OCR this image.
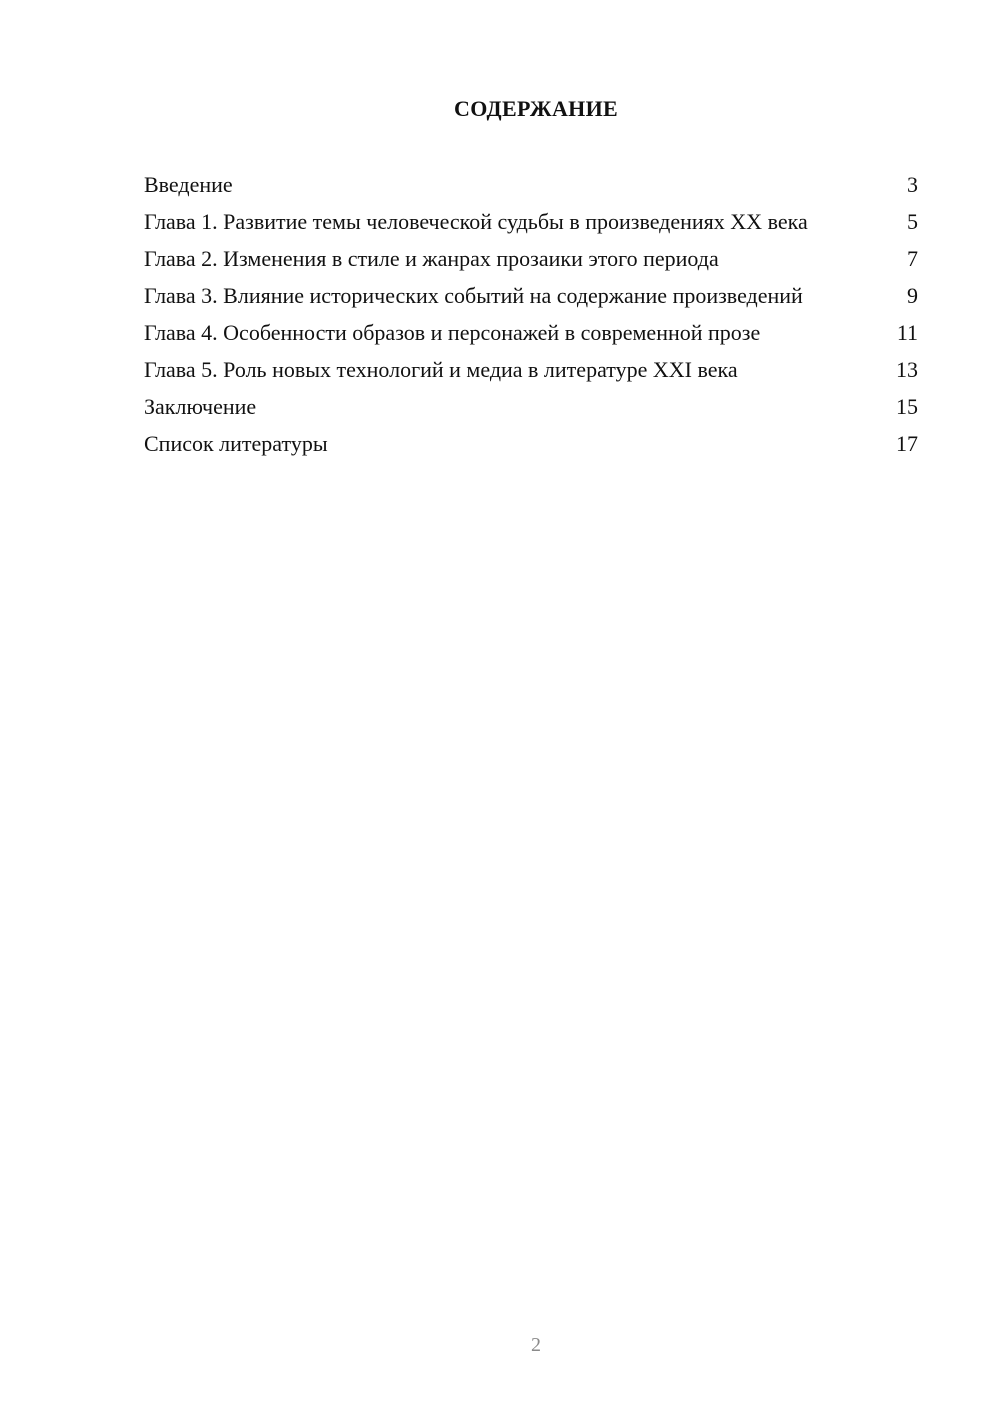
СОДЕРЖАНИЕ
Введение	3
Глава 1. Развитие темы человеческой судьбы в произведениях XX века	5
Глава 2. Изменения в стиле и жанрах прозаики этого периода	7
Глава 3. Влияние исторических событий на содержание произведений	9
Глава 4. Особенности образов и персонажей в современной прозе	11
Глава 5. Роль новых технологий и медиа в литературе XXI века	13
Заключение	15
Список литературы	17
2
